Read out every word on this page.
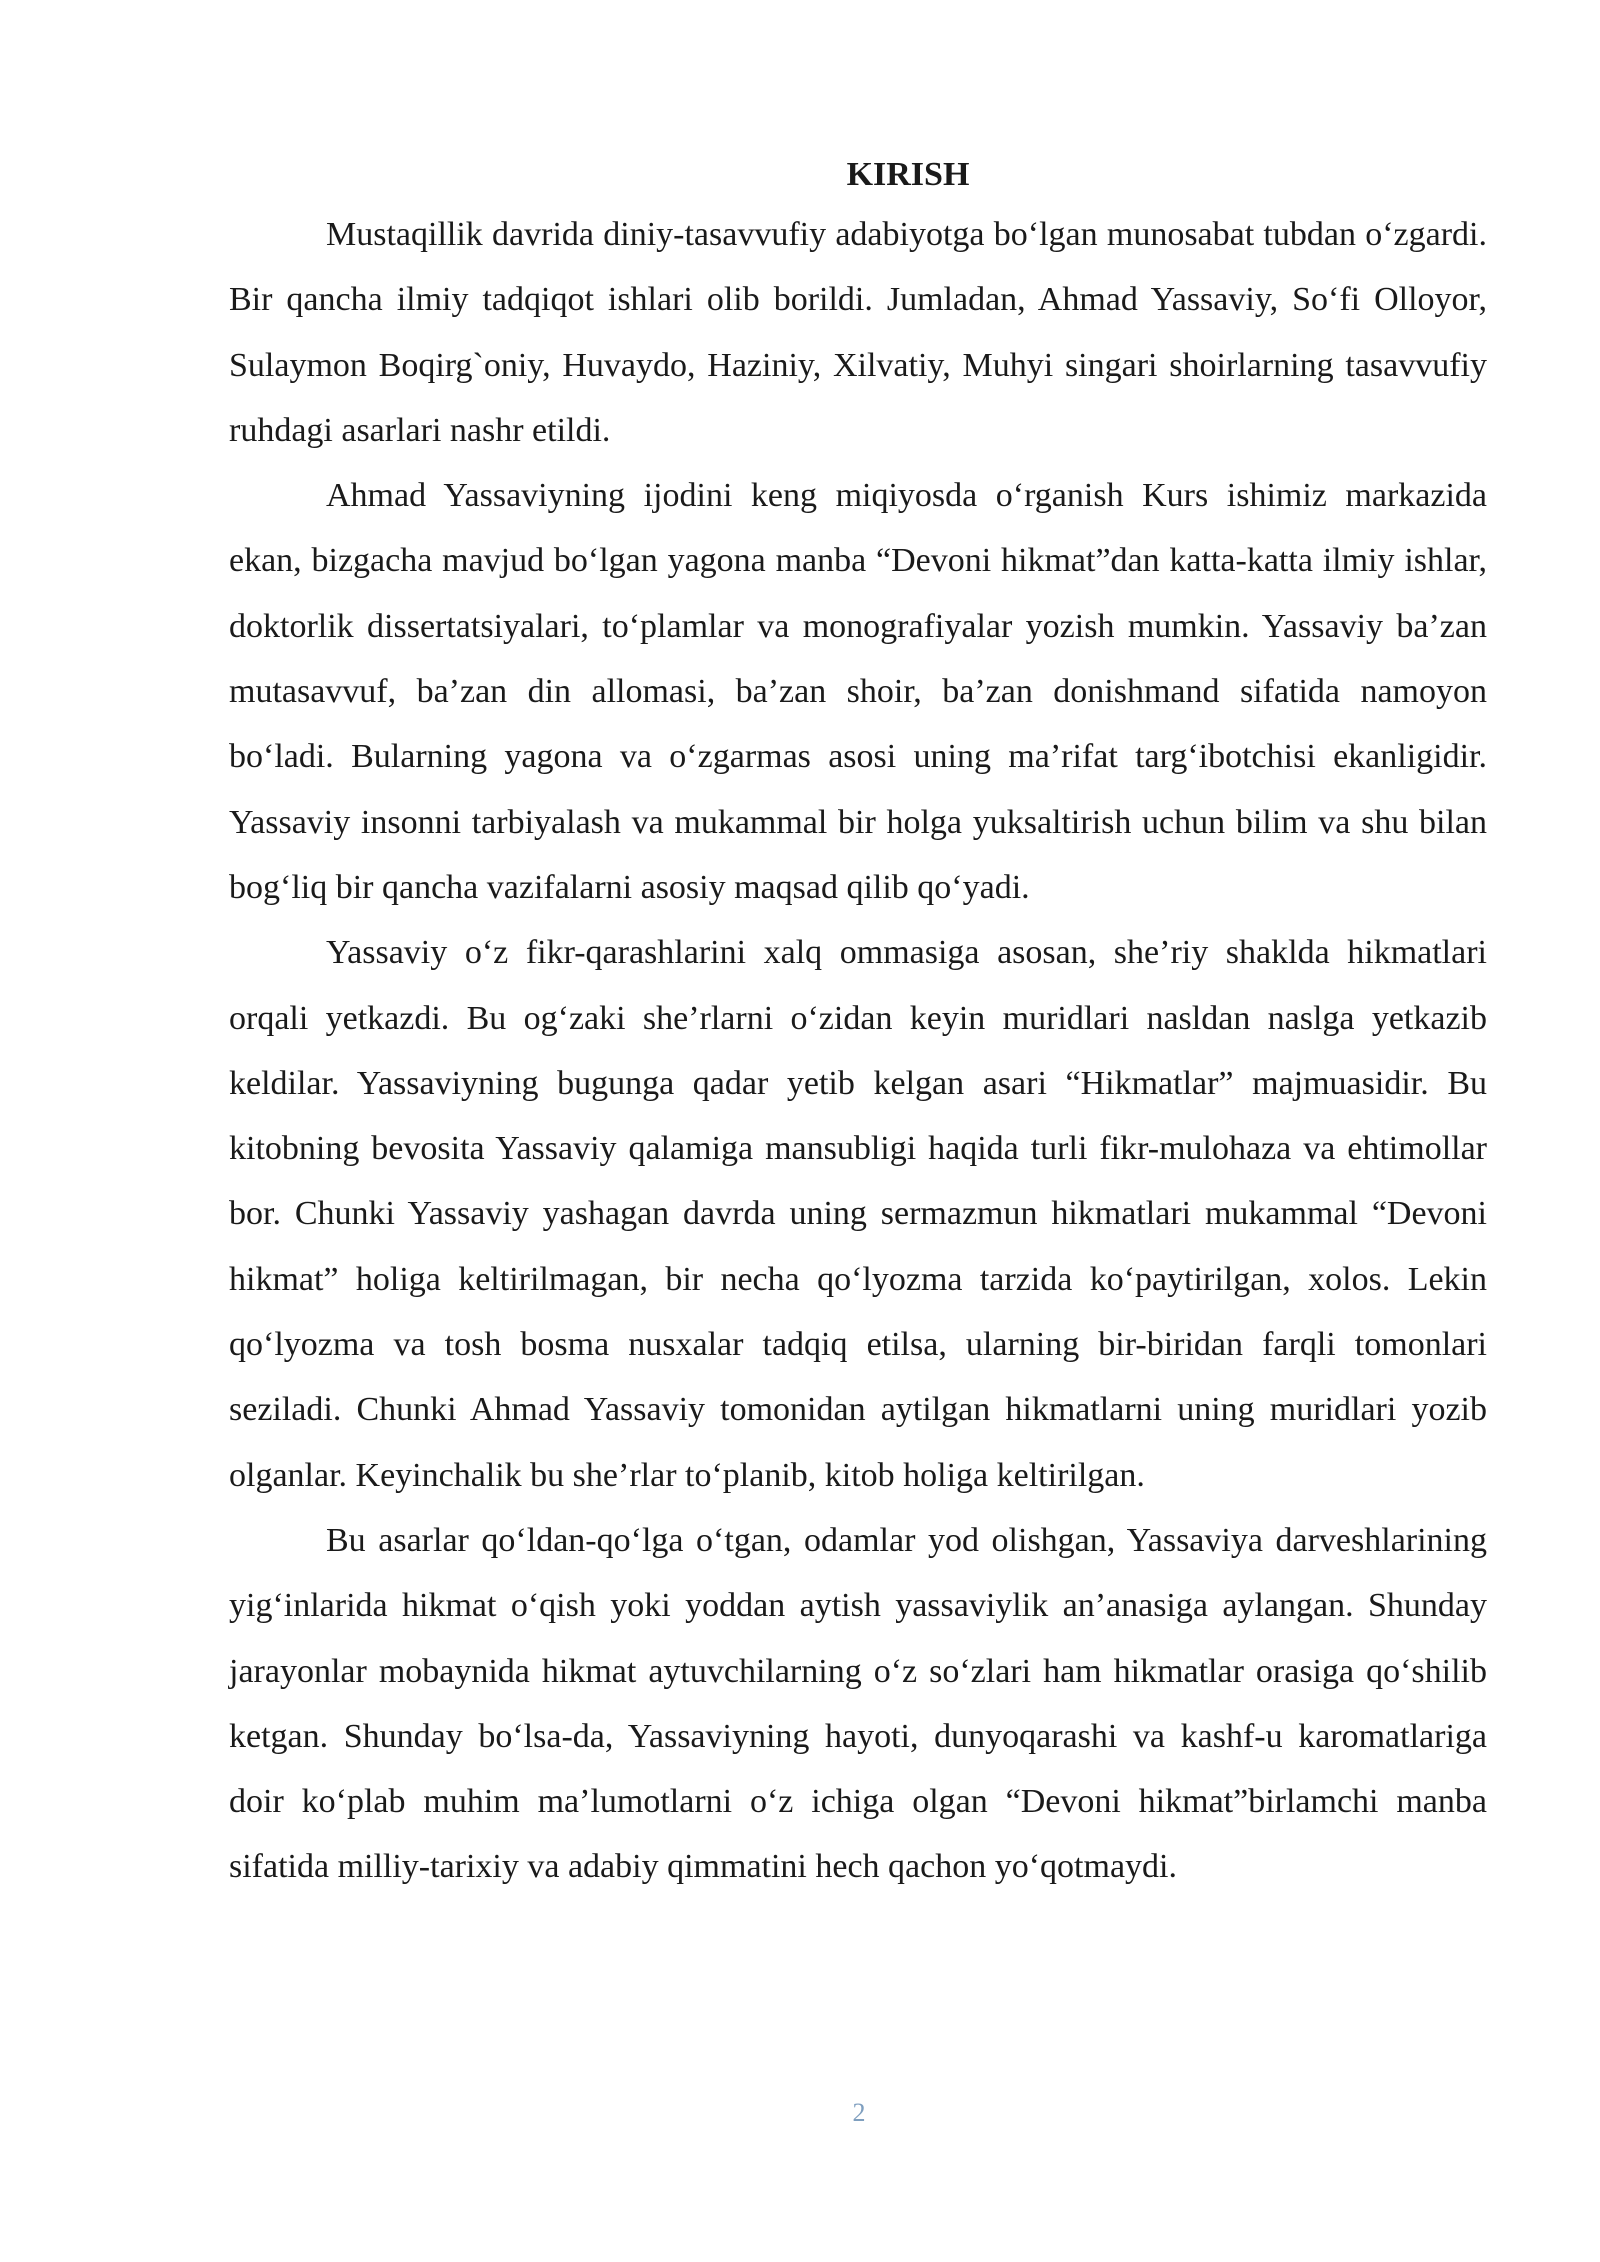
KIRISH

Mustaqillik davrida diniy-tasavvufiy adabiyotga boʻlgan munosabat tubdan oʻzgardi. Bir qancha ilmiy tadqiqot ishlari olib borildi. Jumladan, Ahmad Yassaviy, Soʻfi Olloyor, Sulaymon Boqirg`oniy, Huvaydo, Haziniy, Xilvatiy, Muhyi singari shoirlarning tasavvufiy ruhdagi asarlari nashr etildi.

Ahmad Yassaviyning ijodini keng miqiyosda oʻrganish Kurs ishimiz markazida ekan, bizgacha mavjud boʻlgan yagona manba “Devoni hikmat”dan katta-katta ilmiy ishlar, doktorlik dissertatsiyalari, toʻplamlar va monografiyalar yozish mumkin. Yassaviy ba’zan mutasavvuf, ba’zan din allomasi, ba’zan shoir, ba’zan donishmand sifatida namoyon boʻladi. Bularning yagona va oʻzgarmas asosi uning ma’rifat targʻibotchisi ekanligidir. Yassaviy insonni tarbiyalash va mukammal bir holga yuksaltirish uchun bilim va shu bilan bogʻliq bir qancha vazifalarni asosiy maqsad qilib qoʻyadi.

Yassaviy oʻz fikr-qarashlarini xalq ommasiga asosan, she’riy shaklda hikmatlari orqali yetkazdi. Bu ogʻzaki she’rlarni oʻzidan keyin muridlari nasldan naslga yetkazib keldilar. Yassaviyning bugunga qadar yetib kelgan asari “Hikmatlar” majmuasidir. Bu kitobning bevosita Yassaviy qalamiga mansubligi haqida turli fikr-mulohaza va ehtimollar bor. Chunki Yassaviy yashagan davrda uning sermazmun hikmatlari mukammal “Devoni hikmat” holiga keltirilmagan, bir necha qoʻlyozma tarzida koʻpaytirilgan, xolos. Lekin qoʻlyozma va tosh bosma nusxalar tadqiq etilsa, ularning bir-biridan farqli tomonlari seziladi. Chunki Ahmad Yassaviy tomonidan aytilgan hikmatlarni uning muridlari yozib olganlar. Keyinchalik bu she’rlar toʻplanib, kitob holiga keltirilgan.

Bu asarlar qoʻldan-qoʻlga oʻtgan, odamlar yod olishgan, Yassaviya darveshlarining yigʻinlarida hikmat oʻqish yoki yoddan aytish yassaviylik an’anasiga aylangan. Shunday jarayonlar mobaynida hikmat aytuvchilarning oʻz soʻzlari ham hikmatlar orasiga qoʻshilib ketgan. Shunday boʻlsa-da, Yassaviyning hayoti, dunyoqarashi va kashf-u karomatlariga doir koʻplab muhim ma’lumotlarni oʻz ichiga olgan “Devoni hikmat”birlamchi manba sifatida milliy-tarixiy va adabiy qimmatini hech qachon yoʻqotmaydi.

2
